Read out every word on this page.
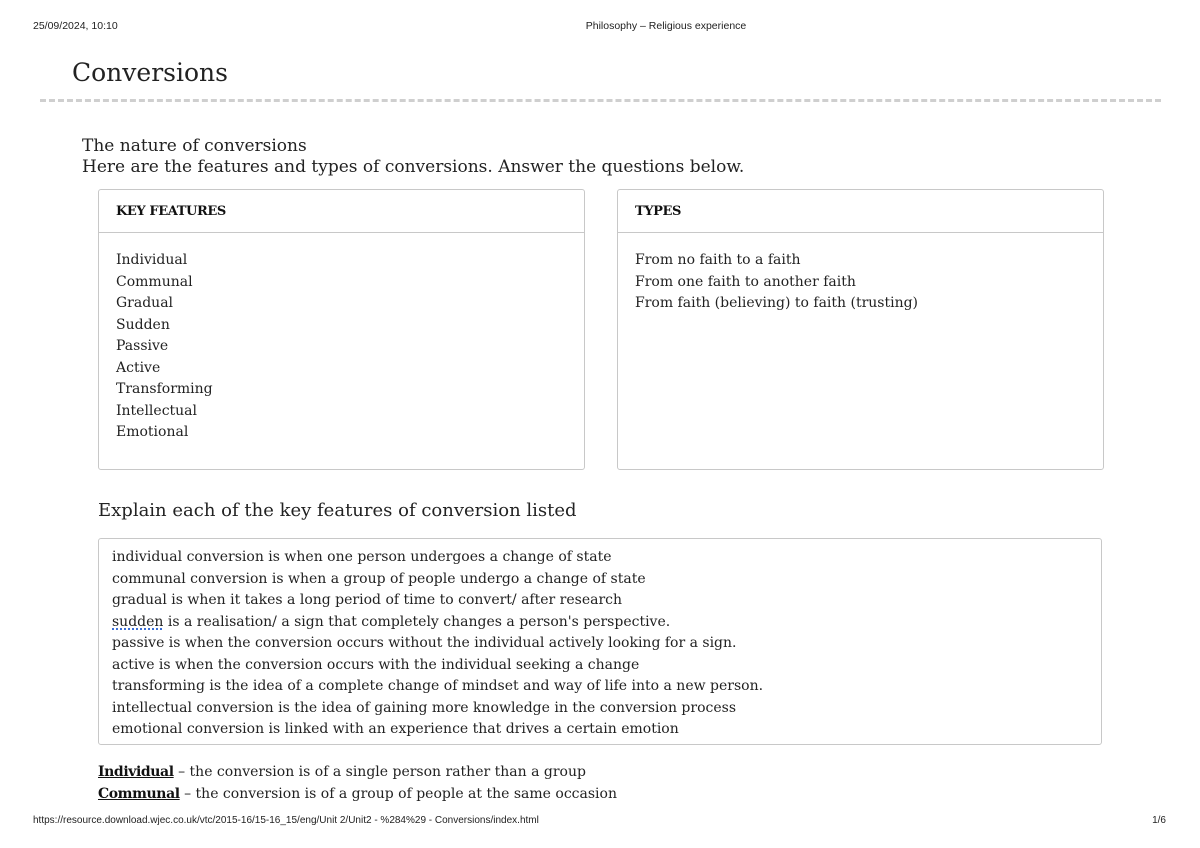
25/09/2024, 10:10	Philosophy – Religious experience
Conversions
The nature of conversions
Here are the features and types of conversions. Answer the questions below.
KEY FEATURES
Individual
Communal
Gradual
Sudden
Passive
Active
Transforming
Intellectual
Emotional
TYPES
From no faith to a faith
From one faith to another faith
From faith (believing) to faith (trusting)
Explain each of the key features of conversion listed
individual conversion is when one person undergoes a change of state
communal conversion is when a group of people undergo a change of state
gradual is when it takes a long period of time to convert/ after research
sudden is a realisation/ a sign that completely changes a person's perspective.
passive is when the conversion occurs without the individual actively looking for a sign.
active is when the conversion occurs with the individual seeking a change
transforming is the idea of a complete change of mindset and way of life into a new person.
intellectual conversion is the idea of gaining more knowledge in the conversion process
emotional conversion is linked with an experience that drives a certain emotion
Individual – the conversion is of a single person rather than a group
Communal – the conversion is of a group of people at the same occasion
https://resource.download.wjec.co.uk/vtc/2015-16/15-16_15/eng/Unit 2/Unit2 - %284%29 - Conversions/index.html	1/6
